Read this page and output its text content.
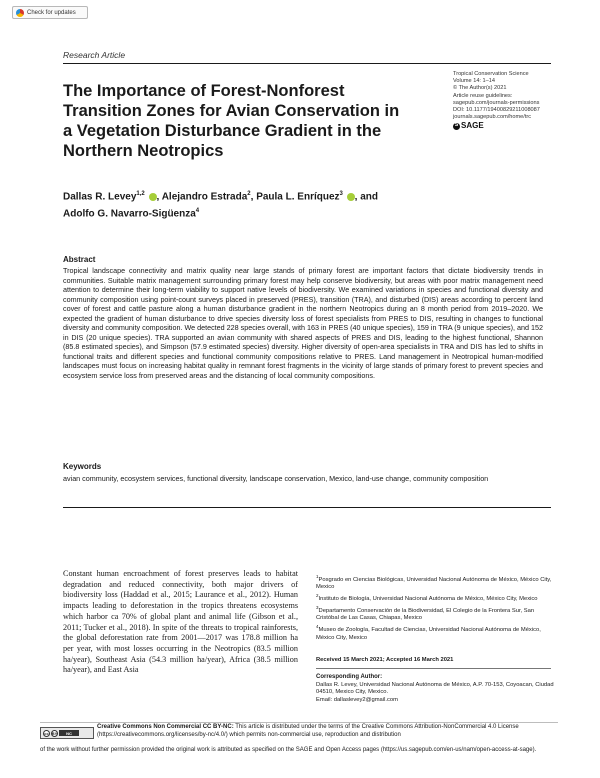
Check for updates
Research Article
The Importance of Forest-Nonforest Transition Zones for Avian Conservation in a Vegetation Disturbance Gradient in the Northern Neotropics
Tropical Conservation Science
Volume 14: 1–14
© The Author(s) 2021
Article reuse guidelines:
sagepub.com/journals-permissions
DOI: 10.1177/19400829211008087
journals.sagepub.com/home/trc
S SAGE
Dallas R. Levey$^{1,2}$ , Alejandro Estrada$^2$, Paula L. Enríquez$^3$ , and
Adolfo G. Navarro-Sigüenza$^4$
Abstract
Tropical landscape connectivity and matrix quality near large stands of primary forest are important factors that dictate biodiversity trends in communities. Suitable matrix management surrounding primary forest may help conserve biodiversity, but areas with poor matrix management need attention to determine their long-term viability to support native levels of biodiversity. We examined variations in species and functional diversity and community composition using point-count surveys placed in preserved (PRES), transition (TRA), and disturbed (DIS) areas according to percent land cover of forest and cattle pasture along a human disturbance gradient in the northern Neotropics during an 8 month period from 2019–2020. We expected the gradient of human disturbance to drive species diversity loss of forest specialists from PRES to DIS, resulting in changes to functional diversity and community composition. We detected 228 species overall, with 163 in PRES (40 unique species), 159 in TRA (9 unique species), and 152 in DIS (20 unique species). TRA supported an avian community with shared aspects of PRES and DIS, leading to the highest functional, Shannon (85.8 estimated species), and Simpson (57.9 estimated species) diversity. Higher diversity of open-area specialists in TRA and DIS has led to shifts in functional traits and different species and functional community compositions relative to PRES. Land management in Neotropical human-modified landscapes must focus on increasing habitat quality in remnant forest fragments in the vicinity of large stands of primary forest to prevent species and ecosystem service loss from preserved areas and the distancing of local community compositions.
Keywords
avian community, ecosystem services, functional diversity, landscape conservation, Mexico, land-use change, community composition
Constant human encroachment of forest preserves leads to habitat degradation and reduced connectivity, both major drivers of biodiversity loss (Haddad et al., 2015; Laurance et al., 2012). Human impacts leading to deforestation in the tropics threatens ecosystems which harbor ca 70% of global plant and animal life (Gibson et al., 2011; Tucker et al., 2018). In spite of the threats to tropical rainforests, the global deforestation rate from 2001—2017 was 178.8 million ha per year, with most losses occurring in the Neotropics (83.5 million ha/year), Southeast Asia (54.3 million ha/year), Africa (38.5 million ha/year), and East Asia
$^1$Posgrado en Ciencias Biológicas, Universidad Nacional Autónoma de México, México City, Mexico
$^2$Instituto de Biología, Universidad Nacional Autónoma de México, México City, Mexico
$^3$Departamento Conservación de la Biodiversidad, El Colegio de la Frontera Sur, San Cristóbal de Las Casas, Chiapas, Mexico
$^4$Museo de Zoología, Facultad de Ciencias, Universidad Nacional Autónoma de México, México City, Mexico
Received 15 March 2021; Accepted 16 March 2021
Corresponding Author:
Dallas R. Levey, Universidad Nacional Autónoma de México, A.P. 70-153, Coyoacan, Ciudad 04510, Mexico City, Mexico.
Email: dallaslevey2@gmail.com
cc BY	NC
Creative Commons Non Commercial CC BY-NC: This article is distributed under the terms of the Creative Commons Attribution-NonCommercial 4.0 License (https://creativecommons.org/licenses/by-nc/4.0/) which permits non-commercial use, reproduction and distribution
of the work without further permission provided the original work is attributed as specified on the SAGE and Open Access pages (https://us.sagepub.com/en-us/nam/open-access-at-sage).
